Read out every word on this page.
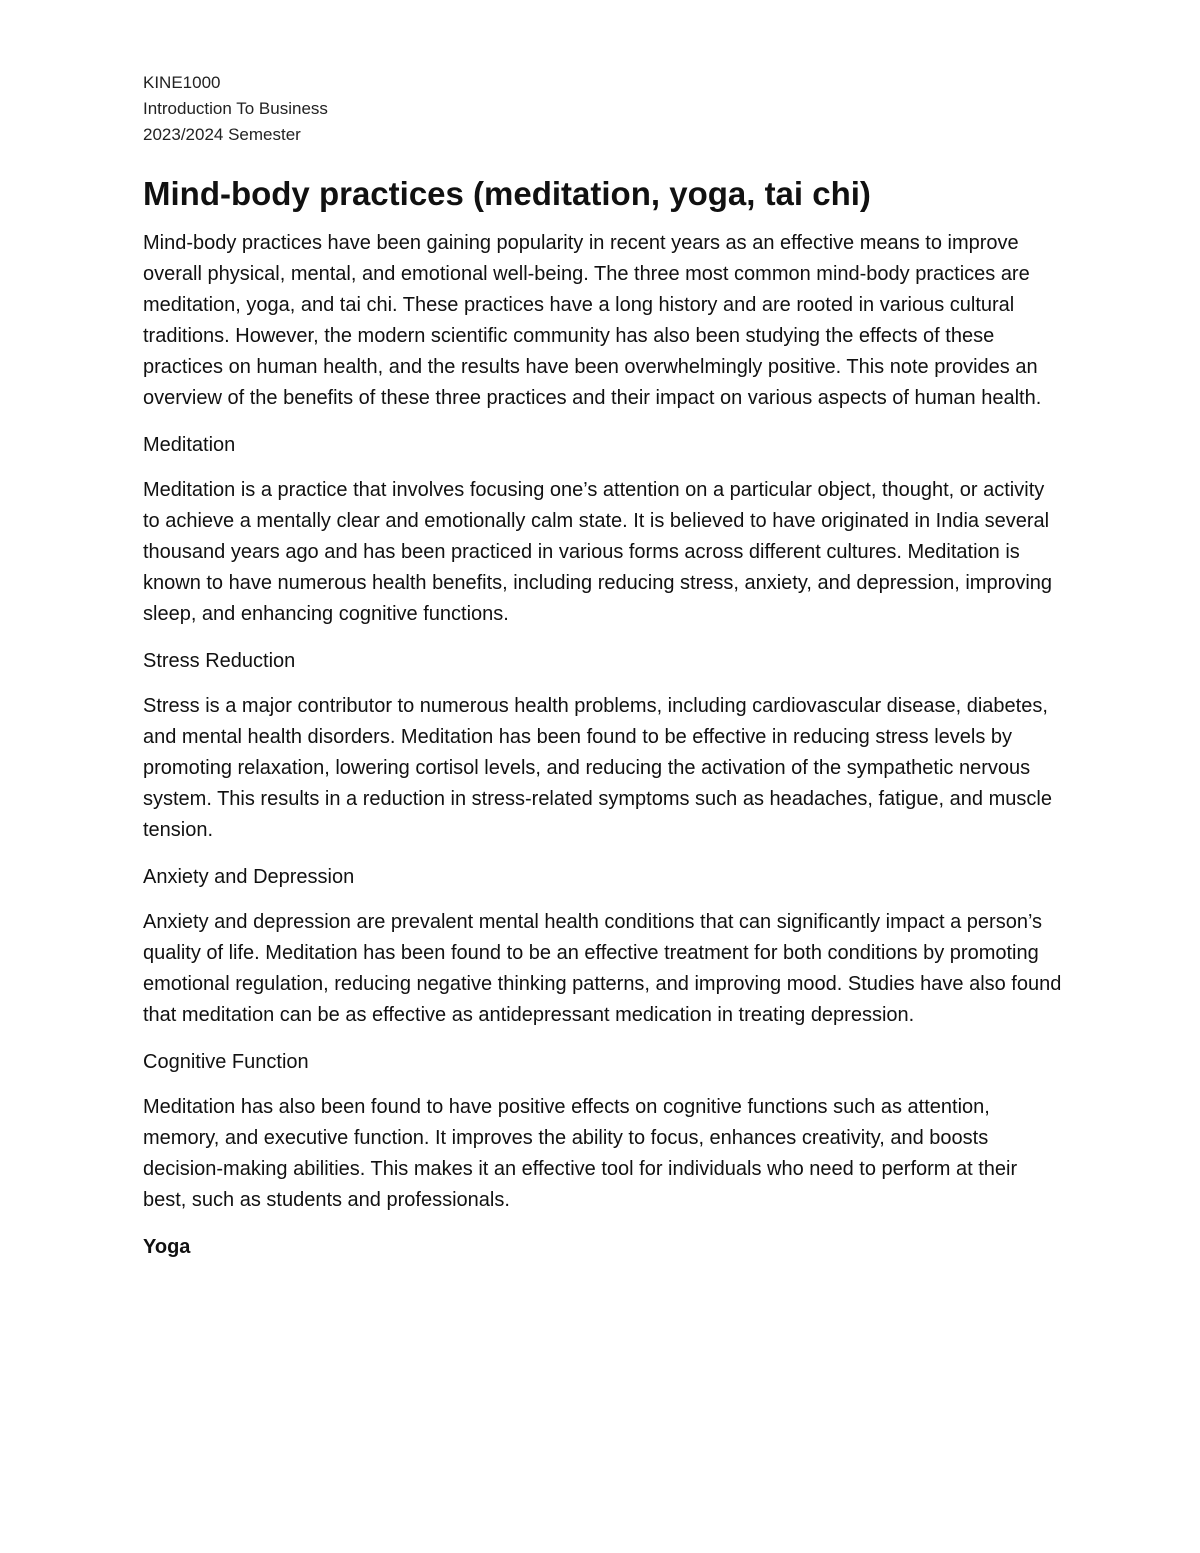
KINE1000
Introduction To Business
2023/2024 Semester
Mind-body practices (meditation, yoga, tai chi)

Mind-body practices have been gaining popularity in recent years as an effective means to improve overall physical, mental, and emotional well-being. The three most common mind-body practices are meditation, yoga, and tai chi. These practices have a long history and are rooted in various cultural traditions. However, the modern scientific community has also been studying the effects of these practices on human health, and the results have been overwhelmingly positive. This note provides an overview of the benefits of these three practices and their impact on various aspects of human health.

Meditation

Meditation is a practice that involves focusing one’s attention on a particular object, thought, or activity to achieve a mentally clear and emotionally calm state. It is believed to have originated in India several thousand years ago and has been practiced in various forms across different cultures. Meditation is known to have numerous health benefits, including reducing stress, anxiety, and depression, improving sleep, and enhancing cognitive functions.

Stress Reduction

Stress is a major contributor to numerous health problems, including cardiovascular disease, diabetes, and mental health disorders. Meditation has been found to be effective in reducing stress levels by promoting relaxation, lowering cortisol levels, and reducing the activation of the sympathetic nervous system. This results in a reduction in stress-related symptoms such as headaches, fatigue, and muscle tension.

Anxiety and Depression

Anxiety and depression are prevalent mental health conditions that can significantly impact a person’s quality of life. Meditation has been found to be an effective treatment for both conditions by promoting emotional regulation, reducing negative thinking patterns, and improving mood. Studies have also found that meditation can be as effective as antidepressant medication in treating depression.

Cognitive Function

Meditation has also been found to have positive effects on cognitive functions such as attention, memory, and executive function. It improves the ability to focus, enhances creativity, and boosts decision-making abilities. This makes it an effective tool for individuals who need to perform at their best, such as students and professionals.

Yoga
